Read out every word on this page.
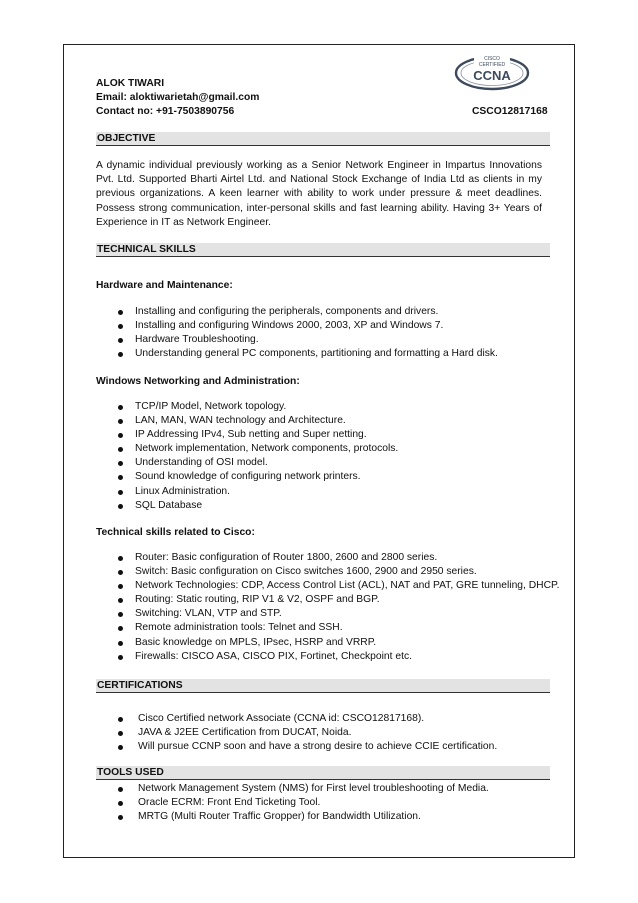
CISCO
CERTIFIED
CCNA
ALOK TIWARI
Email: aloktiwarietah@gmail.com
Contact no: +91-7503890756	CSCO12817168
OBJECTIVE
A dynamic individual previously working as a Senior Network Engineer in Impartus Innovations Pvt. Ltd. Supported Bharti Airtel Ltd. and National Stock Exchange of India Ltd as clients in my previous organizations. A keen learner with ability to work under pressure & meet deadlines. Possess strong communication, inter-personal skills and fast learning ability. Having 3+ Years of Experience in IT as Network Engineer.
TECHNICAL SKILLS
Hardware and Maintenance:
Installing and configuring the peripherals, components and drivers.
Installing and configuring Windows 2000, 2003, XP and Windows 7.
Hardware Troubleshooting.
Understanding general PC components, partitioning and formatting a Hard disk.
Windows Networking and Administration:
TCP/IP Model, Network topology.
LAN, MAN, WAN technology and Architecture.
IP Addressing IPv4, Sub netting and Super netting.
Network implementation, Network components, protocols.
Understanding of OSI model.
Sound knowledge of configuring network printers.
Linux Administration.
SQL Database
Technical skills related to Cisco:
Router: Basic configuration of Router 1800, 2600 and 2800 series.
Switch: Basic configuration on Cisco switches 1600, 2900 and 2950 series.
Network Technologies: CDP, Access Control List (ACL), NAT and PAT, GRE tunneling, DHCP.
Routing: Static routing, RIP V1 & V2, OSPF and BGP.
Switching: VLAN, VTP and STP.
Remote administration tools: Telnet and SSH.
Basic knowledge on MPLS, IPsec, HSRP and VRRP.
Firewalls: CISCO ASA, CISCO PIX, Fortinet, Checkpoint etc.
CERTIFICATIONS
Cisco Certified network Associate (CCNA id: CSCO12817168).
JAVA & J2EE Certification from DUCAT, Noida.
Will pursue CCNP soon and have a strong desire to achieve CCIE certification.
TOOLS USED
Network Management System (NMS) for First level troubleshooting of Media.
Oracle ECRM: Front End Ticketing Tool.
MRTG (Multi Router Traffic Gropper) for Bandwidth Utilization.
